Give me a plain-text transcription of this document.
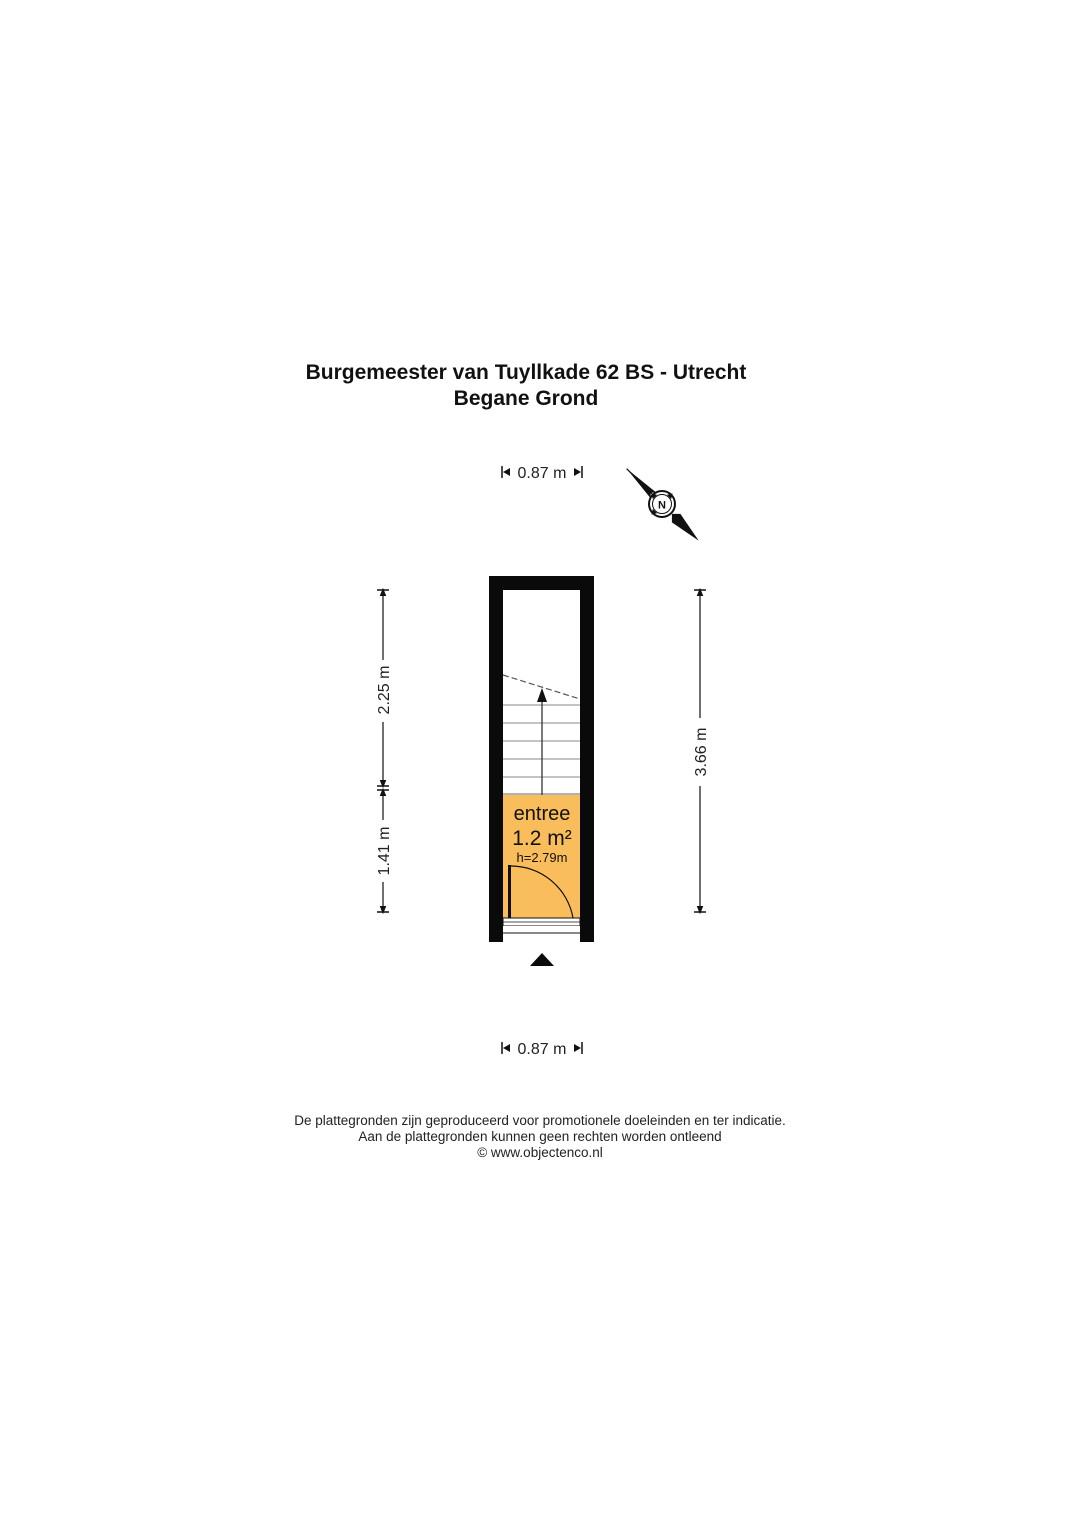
Burgemeester van Tuyllkade 62 BS - Utrecht
Begane Grond
0.87 m
N
2.25 m
1.41 m
3.66 m
entree
1.2 m²
h=2.79m
0.87 m
De plattegronden zijn geproduceerd voor promotionele doeleinden en ter indicatie.
Aan de plattegronden kunnen geen rechten worden ontleend
© www.objectenco.nl
